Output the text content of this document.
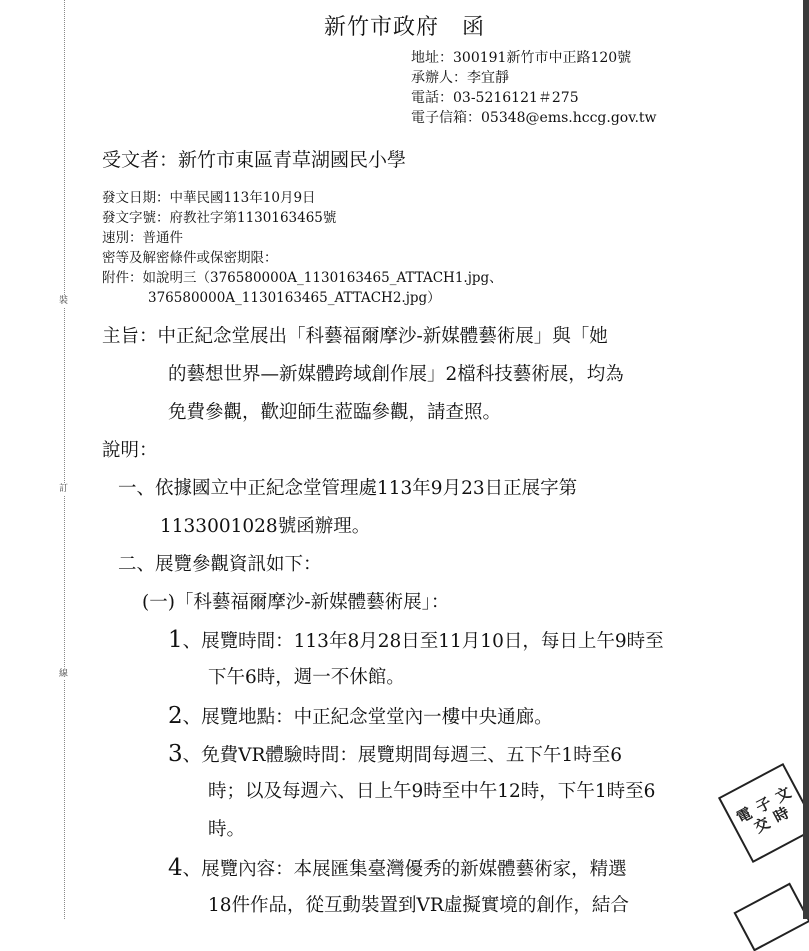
裝
訂
線
新竹市政府　函
地址：300191新竹市中正路120號
承辦人：李宜靜
電話：03-5216121＃275
電子信箱：05348@ems.hccg.gov.tw
受文者：新竹市東區青草湖國民小學
發文日期：中華民國113年10月9日
發文字號：府教社字第1130163465號
速別：普通件
密等及解密條件或保密期限：
附件：如說明三（376580000A_1130163465_ATTACH1.jpg、
376580000A_1130163465_ATTACH2.jpg）
主旨：中正紀念堂展出「科藝福爾摩沙-新媒體藝術展」與「她
的藝想世界—新媒體跨域創作展」2檔科技藝術展，均為
免費參觀，歡迎師生蒞臨參觀，請查照。
說明：
一、依據國立中正紀念堂管理處113年9月23日正展字第
1133001028號函辦理。
二、展覽參觀資訊如下：
(一)「科藝福爾摩沙-新媒體藝術展」：
1、展覽時間：113年8月28日至11月10日，每日上午9時至
下午6時，週一不休館。
2、展覽地點：中正紀念堂堂內一樓中央通廊。
3、免費VR體驗時間：展覽期間每週三、五下午1時至6
時；以及每週六、日上午9時至中午12時，下午1時至6
時。
4、展覽內容：本展匯集臺灣優秀的新媒體藝術家，精選
18件作品，從互動裝置到VR虛擬實境的創作，結合
電
子
文
交
時
